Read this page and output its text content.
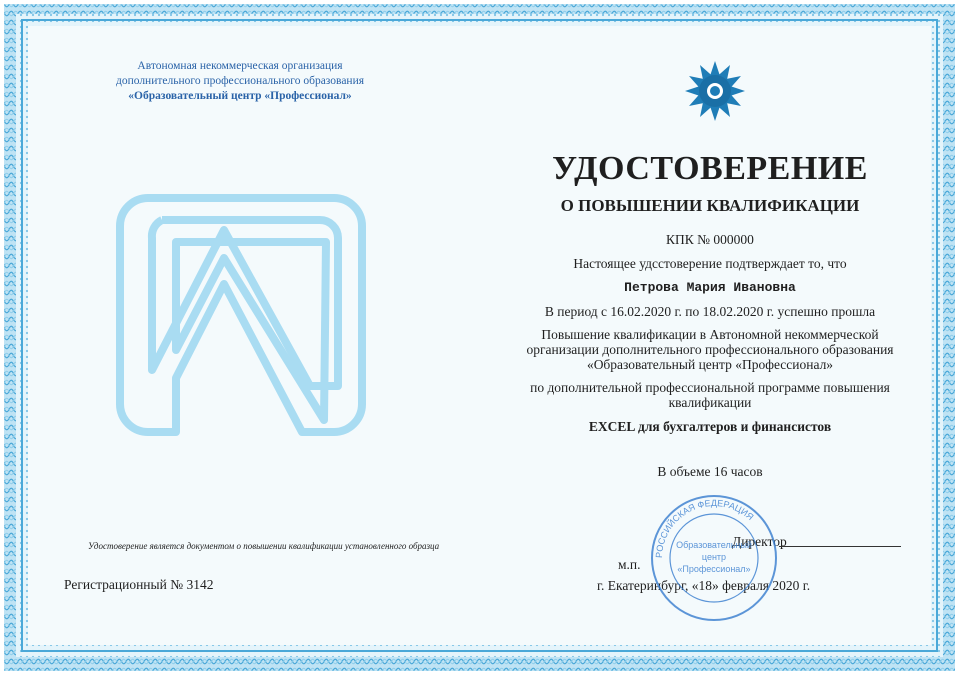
Автономная некоммерческая организация
дополнительного профессионального образования
«Образовательный центр «Профессионал»
УДОСТОВЕРЕНИЕ
О ПОВЫШЕНИИ КВАЛИФИКАЦИИ
КПК № 000000
Настоящее удсстоверение подтверждает то, что
Петрова Мария Ивановна
В период с 16.02.2020 г. по 18.02.2020 г. успешно прошла
Повышение квалификации в Автономной некоммерческой
организации дополнительного профессионального образования
«Образовательный центр «Профессионал»
по дополнительной профессиональной программе повышения
квалификации
EXCEL для бухгалтеров и финансистов
В объеме 16 часов
Удостоверение является документом о повышении квалификации установленного образца
Регистрационный № 3142
Директор
м.п.
г. Екатеринбург, «18» февраля 2020 г.
РОССИЙСКАЯ ФЕДЕРАЦИЯ
Образовательный
центр
«Профессионал»
